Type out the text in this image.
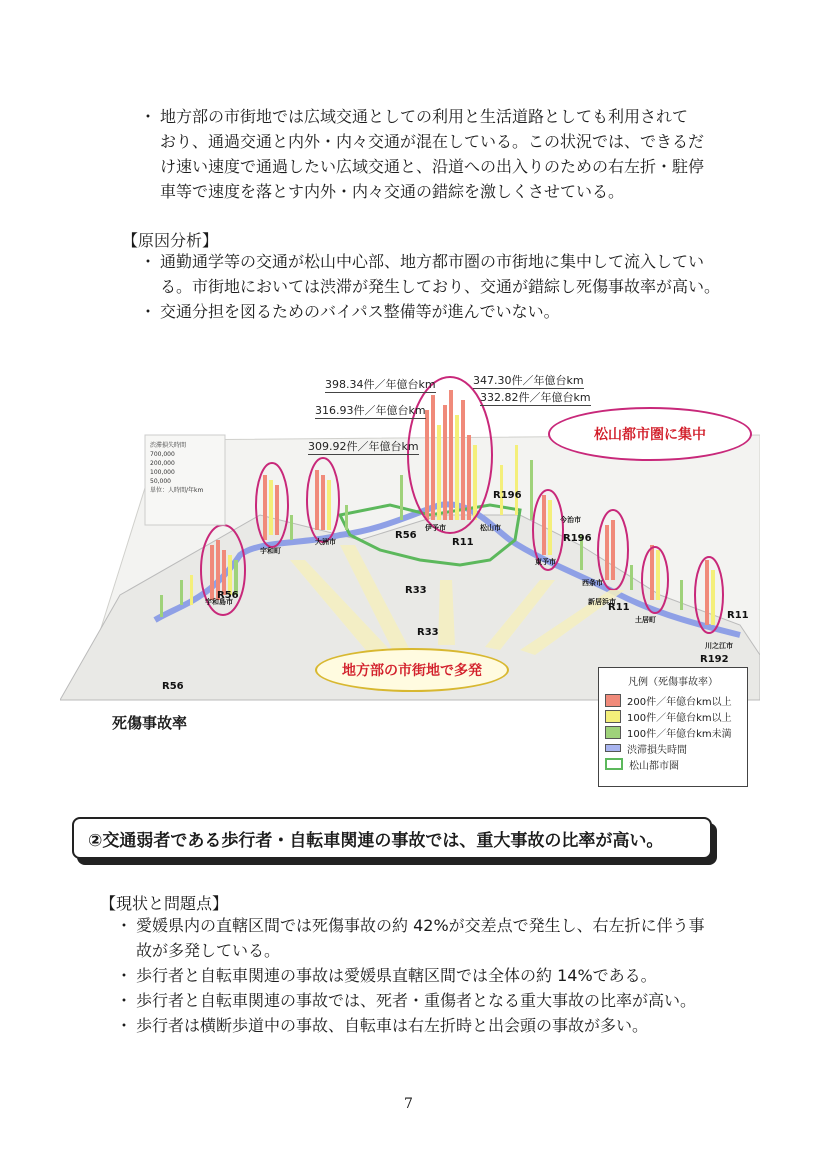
・ 地方部の市街地では広域交通としての利用と生活道路としても利用されて
おり、通過交通と内外・内々交通が混在している。この状況では、できるだ
け速い速度で通過したい広域交通と、沿道への出入りのための右左折・駐停
車等で速度を落とす内外・内々交通の錯綜を激しくさせている。
【原因分析】
・ 通勤通学等の交通が松山中心部、地方都市圏の市街地に集中して流入してい
る。市街地においては渋滞が発生しており、交通が錯綜し死傷事故率が高い。
・ 交通分担を図るためのバイパス整備等が進んでいない。
渋滞損失時間
700,000
200,000
100,000
50,000
単位：人時間/年km
398.34件／年億台km	347.30件／年億台km
332.82件／年億台km
316.93件／年億台km
309.92件／年億台km
松山都市圏に集中
地方部の市街地で多発
R56
R56
R56
R33
R33
R11
R11
R11
R196
R196
R192
宇和島市
宇和町
大洲市
伊予市	松山市
今治市
東予市
西条市
新居浜市
土居町
川之江市
死傷事故率
凡例（死傷事故率）
200件／年億台km以上
100件／年億台km以上
100件／年億台km未満
渋滞損失時間
松山都市圏
②交通弱者である歩行者・自転車関連の事故では、重大事故の比率が高い。
【現状と問題点】
・ 愛媛県内の直轄区間では死傷事故の約 42%が交差点で発生し、右左折に伴う事
故が多発している。
・ 歩行者と自転車関連の事故は愛媛県直轄区間では全体の約 14%である。
・ 歩行者と自転車関連の事故では、死者・重傷者となる重大事故の比率が高い。
・ 歩行者は横断歩道中の事故、自転車は右左折時と出会頭の事故が多い。
7
